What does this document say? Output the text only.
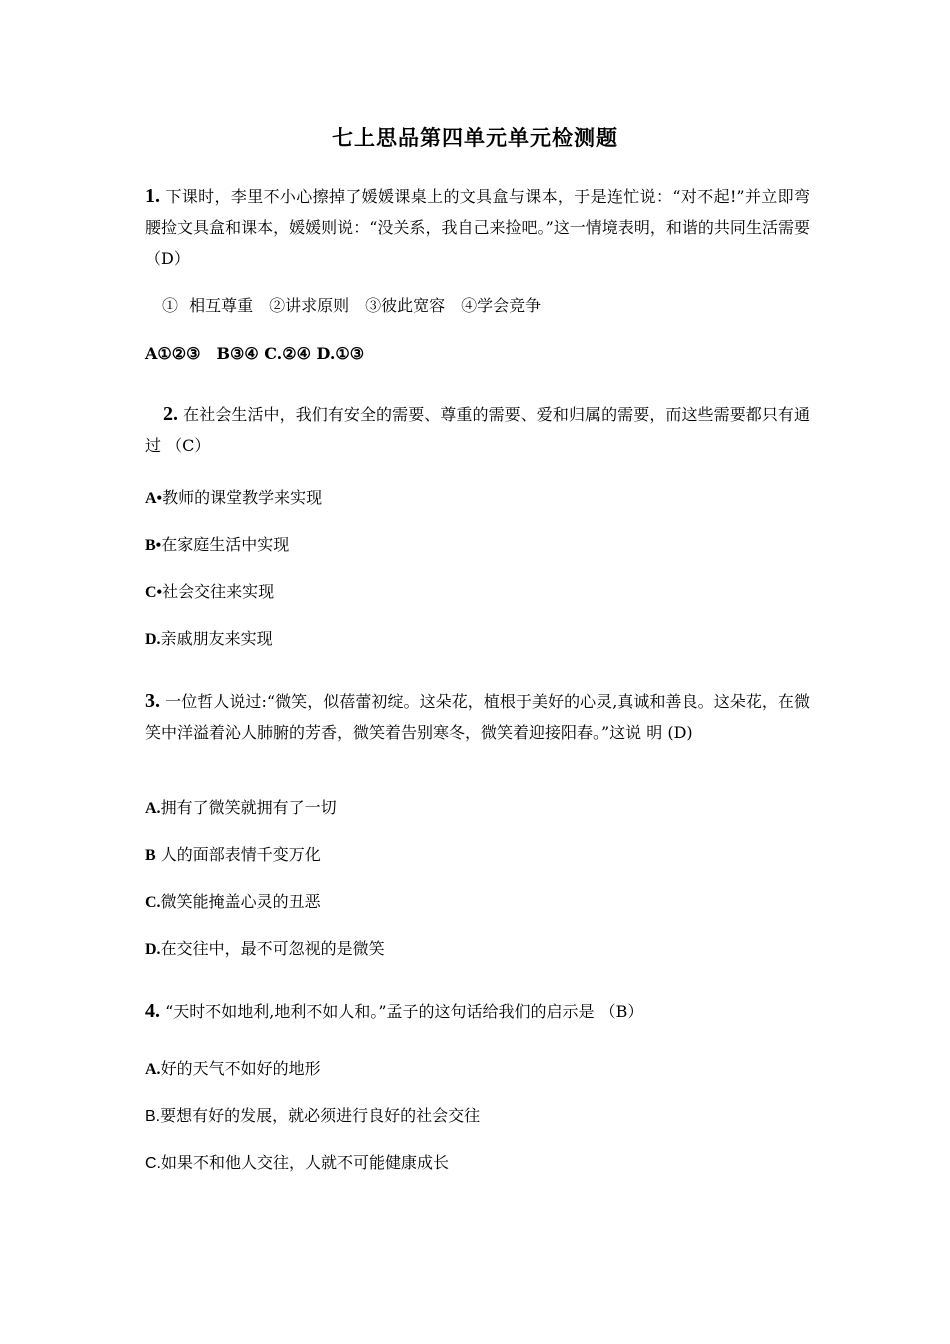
七上思品第四单元单元检测题
1. 下课时，李里不小心擦掉了媛媛课桌上的文具盒与课本，于是连忙说：“对不起!”并立即弯腰捡文具盒和课本，媛媛则说：“没关系，我自己来捡吧。”这一情境表明，和谐的共同生活需要 （D）
① 相互尊重　②讲求原则　③彼此宽容　④学会竞争
A①②③　B③④ C.②④ D.①③
2. 在社会生活中，我们有安全的需要、尊重的需要、爱和归属的需要，而这些需要都只有通过 （C）
A•教师的课堂教学来实现
B•在家庭生活中实现
C•社会交往来实现
D.亲戚朋友来实现
3. 一位哲人说过:“微笑，似蓓蕾初绽。这朵花，植根于美好的心灵,真诚和善良。这朵花，在微笑中洋溢着沁人肺腑的芳香，微笑着告别寒冬，微笑着迎接阳春。”这说 明 (D)
A.拥有了微笑就拥有了一切
B 人的面部表情千变万化
C.微笑能掩盖心灵的丑恶
D.在交往中，最不可忽视的是微笑
4. “天时不如地利,地利不如人和。”孟子的这句话给我们的启示是 （B）
A.好的天气不如好的地形
B.要想有好的发展，就必须进行良好的社会交往
C.如果不和他人交往，人就不可能健康成长
